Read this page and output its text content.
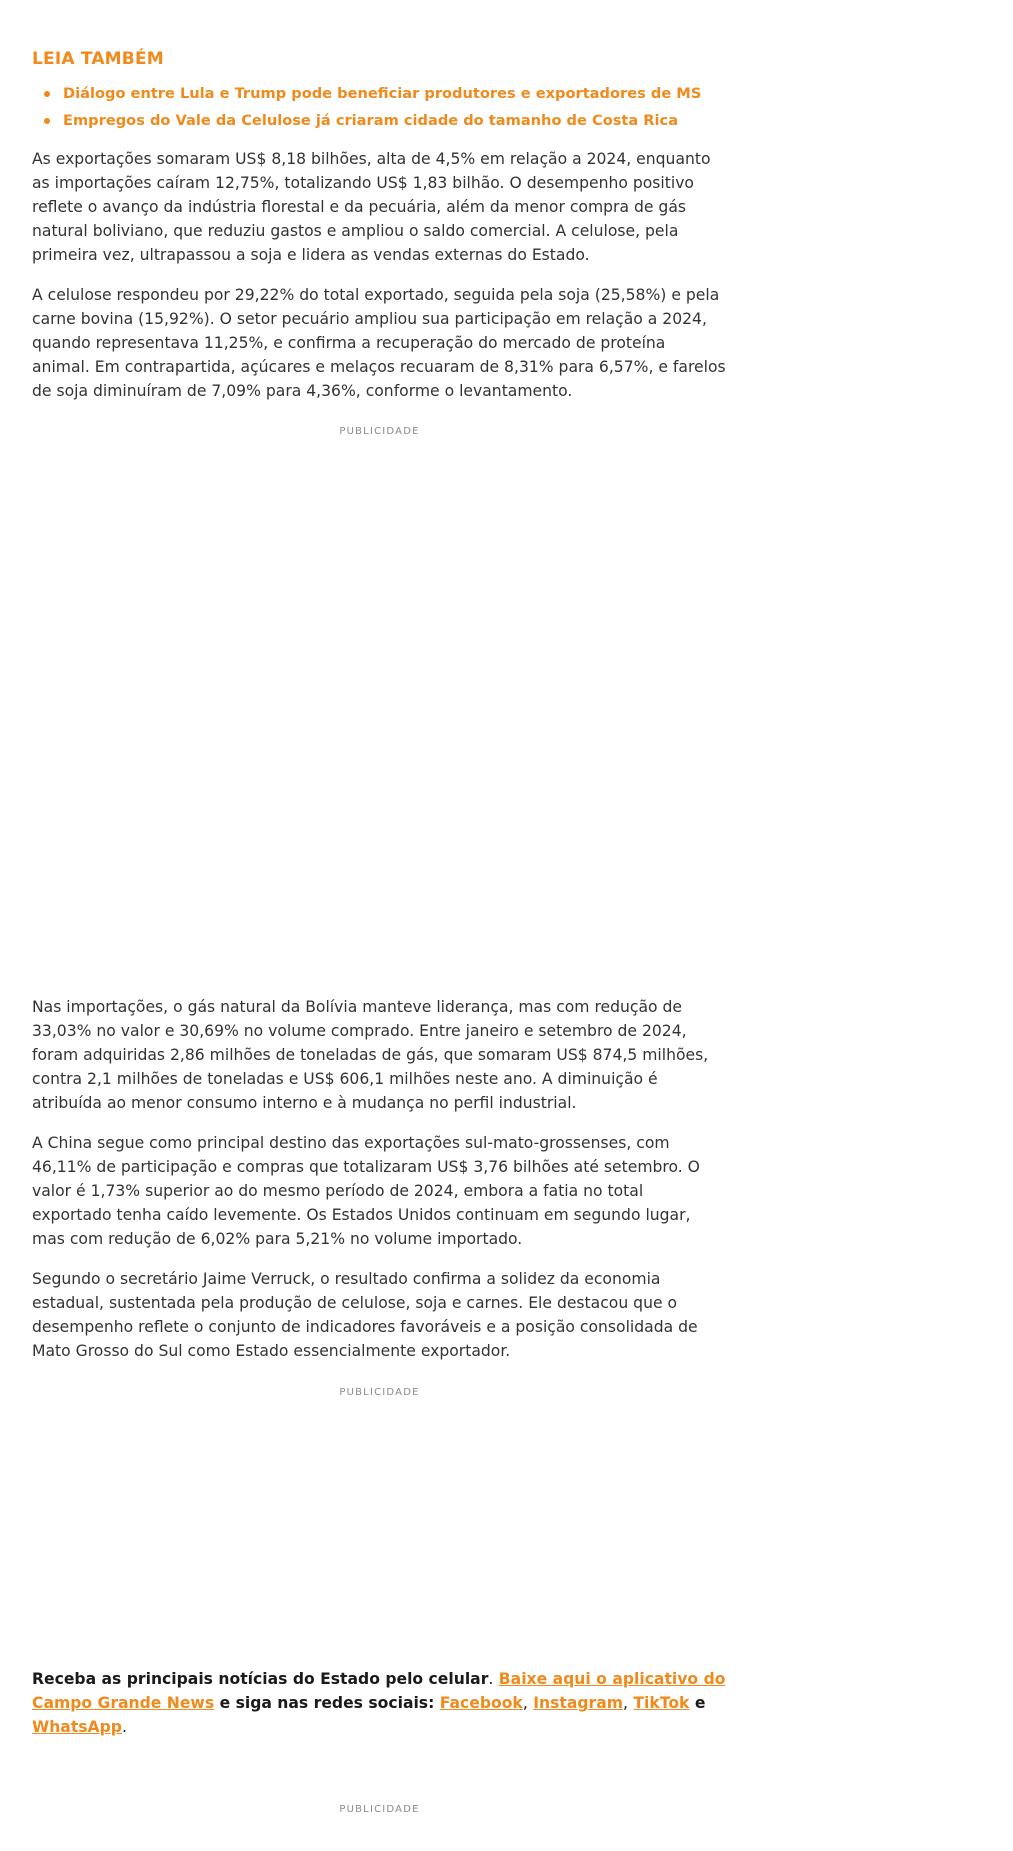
LEIA TAMBÉM
Diálogo entre Lula e Trump pode beneficiar produtores e exportadores de MS
Empregos do Vale da Celulose já criaram cidade do tamanho de Costa Rica

As exportações somaram US$ 8,18 bilhões, alta de 4,5% em relação a 2024, enquanto
as importações caíram 12,75%, totalizando US$ 1,83 bilhão. O desempenho positivo
reflete o avanço da indústria florestal e da pecuária, além da menor compra de gás
natural boliviano, que reduziu gastos e ampliou o saldo comercial. A celulose, pela
primeira vez, ultrapassou a soja e lidera as vendas externas do Estado.

A celulose respondeu por 29,22% do total exportado, seguida pela soja (25,58%) e pela
carne bovina (15,92%). O setor pecuário ampliou sua participação em relação a 2024,
quando representava 11,25%, e confirma a recuperação do mercado de proteína
animal. Em contrapartida, açúcares e melaços recuaram de 8,31% para 6,57%, e farelos
de soja diminuíram de 7,09% para 4,36%, conforme o levantamento.

PUBLICIDADE

Nas importações, o gás natural da Bolívia manteve liderança, mas com redução de
33,03% no valor e 30,69% no volume comprado. Entre janeiro e setembro de 2024,
foram adquiridas 2,86 milhões de toneladas de gás, que somaram US$ 874,5 milhões,
contra 2,1 milhões de toneladas e US$ 606,1 milhões neste ano. A diminuição é
atribuída ao menor consumo interno e à mudança no perfil industrial.

A China segue como principal destino das exportações sul-mato-grossenses, com
46,11% de participação e compras que totalizaram US$ 3,76 bilhões até setembro. O
valor é 1,73% superior ao do mesmo período de 2024, embora a fatia no total
exportado tenha caído levemente. Os Estados Unidos continuam em segundo lugar,
mas com redução de 6,02% para 5,21% no volume importado.

Segundo o secretário Jaime Verruck, o resultado confirma a solidez da economia
estadual, sustentada pela produção de celulose, soja e carnes. Ele destacou que o
desempenho reflete o conjunto de indicadores favoráveis e a posição consolidada de
Mato Grosso do Sul como Estado essencialmente exportador.

PUBLICIDADE

Receba as principais notícias do Estado pelo celular. Baixe aqui o aplicativo do Campo Grande News e siga nas redes sociais: Facebook, Instagram, TikTok e WhatsApp.

PUBLICIDADE
